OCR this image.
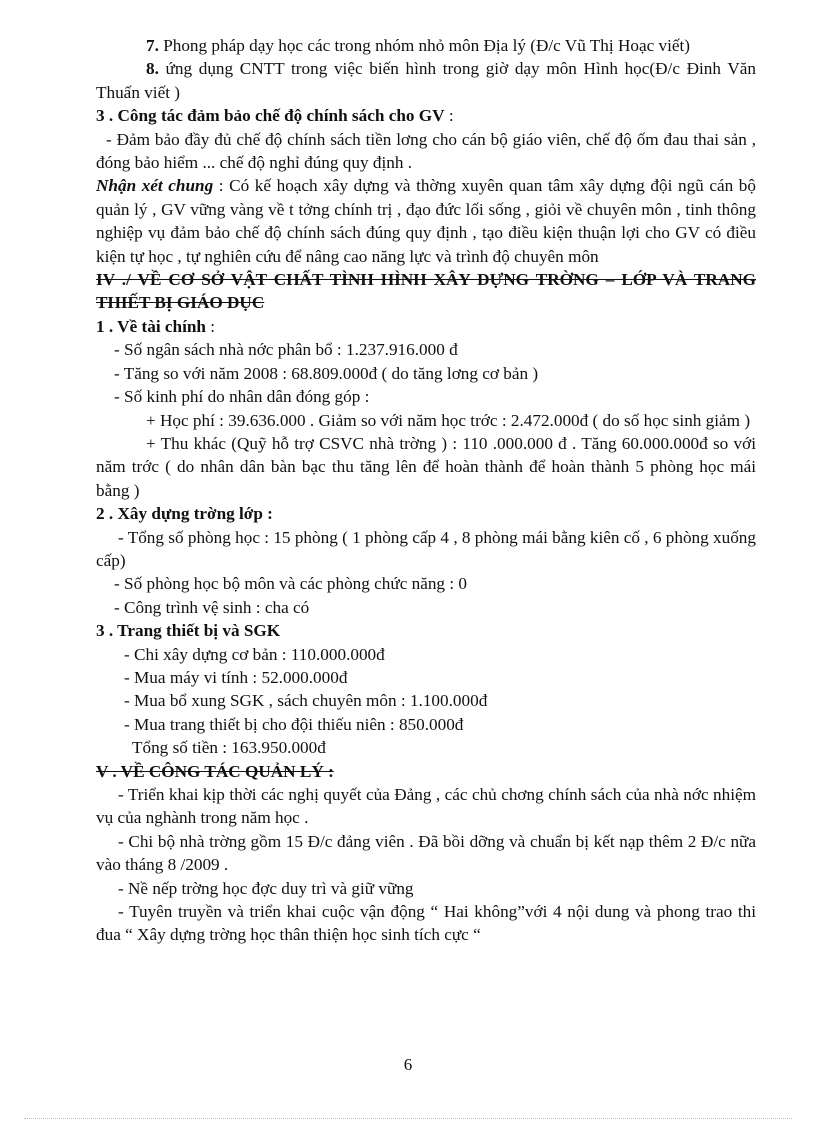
7. Phong pháp dạy học các trong nhóm nhỏ môn Địa lý (Đ/c Vũ Thị Hoạc viết)

8. ứng dụng CNTT trong việc biến hình trong giờ dạy môn Hình học(Đ/c Đinh Văn Thuấn viết )

3 . Công tác đảm bảo chế độ chính sách cho GV :

- Đảm bảo đầy đủ chế độ chính sách tiền lơng cho cán bộ giáo viên, chế độ ốm đau thai sản , đóng bảo hiểm ... chế độ nghỉ đúng quy định .

Nhận xét chung : Có kế hoạch xây dựng và thờng xuyên quan tâm xây dựng đội ngũ cán bộ quản lý , GV vững vàng về t tởng chính trị , đạo đức lối sống , giỏi về chuyên môn , tinh thông nghiệp vụ đảm bảo chế độ chính sách đúng quy định , tạo điều kiện thuận lợi cho GV có điều kiện tự học , tự nghiên cứu để nâng cao năng lực và trình độ chuyên môn

IV ./ VỀ CƠ SỞ VẬT CHẤT TÌNH HÌNH XÂY DỰNG TRỜNG – LỚP VÀ TRANG THIẾT BỊ GIÁO DỤC

1 . Về tài chính :

- Số ngân sách nhà nớc phân bổ : 1.237.916.000 đ

- Tăng so với năm 2008 : 68.809.000đ ( do tăng lơng cơ bản )

- Số kinh phí do nhân dân đóng góp :

+ Học phí : 39.636.000 . Giảm so với năm học trớc : 2.472.000đ ( do số học sinh giảm )

+ Thu khác (Quỹ hỗ trợ CSVC nhà trờng ) : 110 .000.000 đ . Tăng 60.000.000đ so với năm trớc ( do nhân dân bàn bạc thu tăng lên để hoàn thành để hoàn thành 5 phòng học mái bằng )

2 . Xây dựng trờng lớp :

- Tổng số phòng học : 15 phòng ( 1 phòng cấp 4 , 8 phòng mái bằng kiên cố , 6 phòng xuống cấp)

- Số phòng học bộ môn và các phòng chức năng : 0

- Công trình vệ sinh : cha có

3 . Trang thiết bị và SGK

- Chi xây dựng cơ bản : 110.000.000đ

- Mua máy vi tính : 52.000.000đ

- Mua bổ xung SGK , sách chuyên môn : 1.100.000đ

- Mua trang thiết bị cho đội thiếu niên : 850.000đ

Tổng số tiền : 163.950.000đ

V . VỀ CÔNG TÁC QUẢN LÝ :

- Triển khai kịp thời các nghị quyết của Đảng , các chủ chơng chính sách của nhà nớc nhiệm vụ của nghành trong năm học .

- Chi bộ nhà trờng gồm 15 Đ/c đảng viên . Đã bồi dỡng và chuẩn bị kết nạp thêm 2 Đ/c nữa vào tháng 8 /2009 .

- Nề nếp trờng học đợc duy trì và giữ vững

- Tuyên truyền và triển khai cuộc vận động “ Hai không”với 4 nội dung và phong trao thi đua “ Xây dựng trờng học thân thiện học sinh tích cực “

6
